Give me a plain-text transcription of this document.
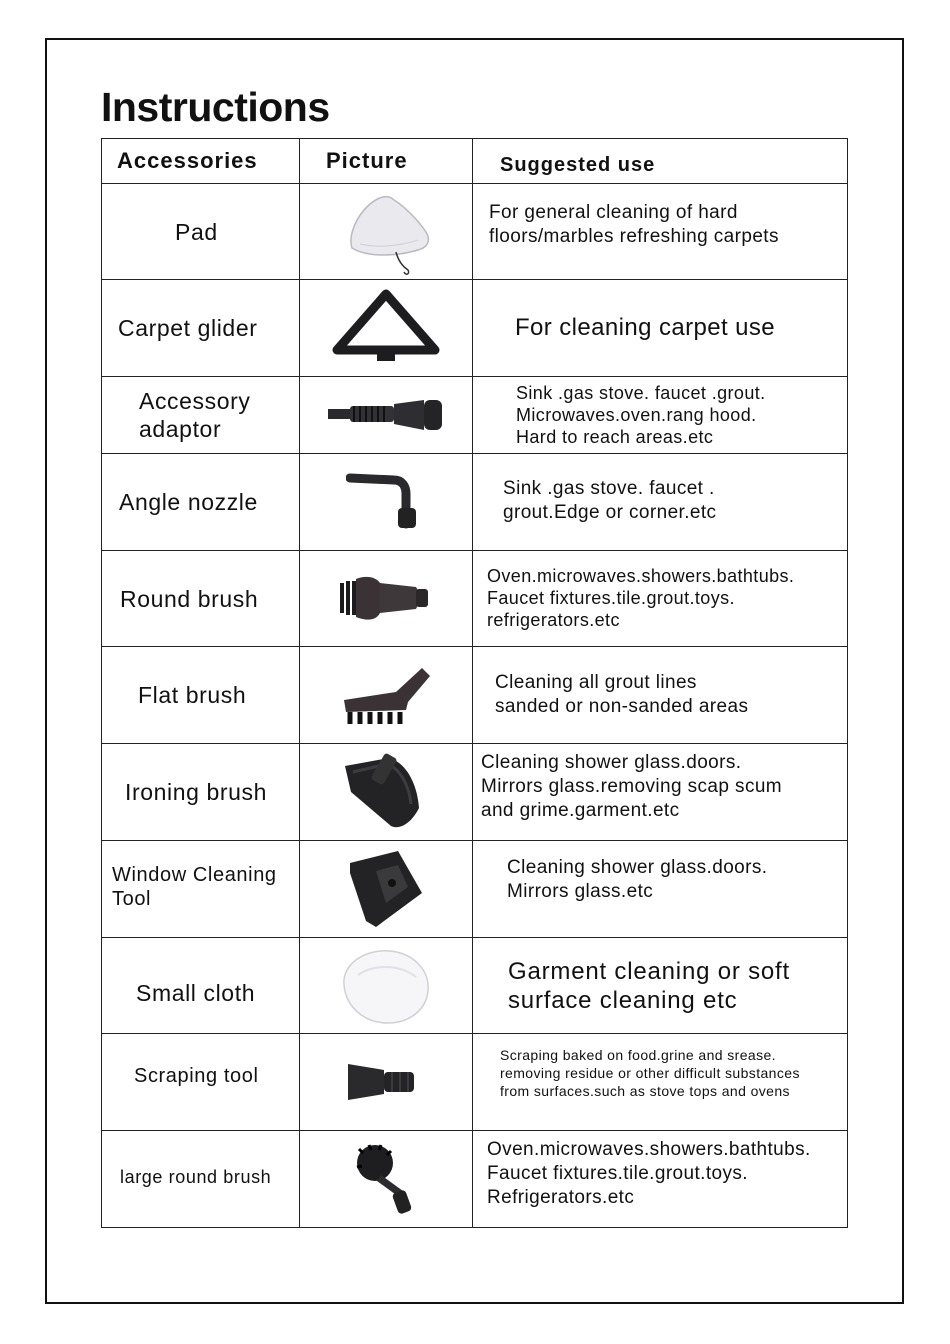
Instructions
Accessories	Picture	Suggested use
Pad		For general cleaning of hard
floors/marbles refreshing carpets
Carpet glider		For cleaning carpet use
Accessory
adaptor		Sink .gas stove. faucet .grout.
Microwaves.oven.rang hood.
Hard to reach areas.etc
Angle nozzle		Sink .gas stove. faucet .
grout.Edge or corner.etc
Round brush		Oven.microwaves.showers.bathtubs.
Faucet fixtures.tile.grout.toys.
refrigerators.etc
Flat brush		Cleaning all grout lines
sanded or non-sanded areas
Ironing brush		Cleaning shower glass.doors.
Mirrors glass.removing scap scum
and grime.garment.etc
Window Cleaning
Tool		Cleaning shower glass.doors.
Mirrors glass.etc
Small cloth		Garment cleaning or soft
surface cleaning etc
Scraping tool		Scraping baked on food.grine and srease.
removing residue or other difficult substances
from surfaces.such as stove tops and ovens
large round brush		Oven.microwaves.showers.bathtubs.
Faucet fixtures.tile.grout.toys.
Refrigerators.etc
